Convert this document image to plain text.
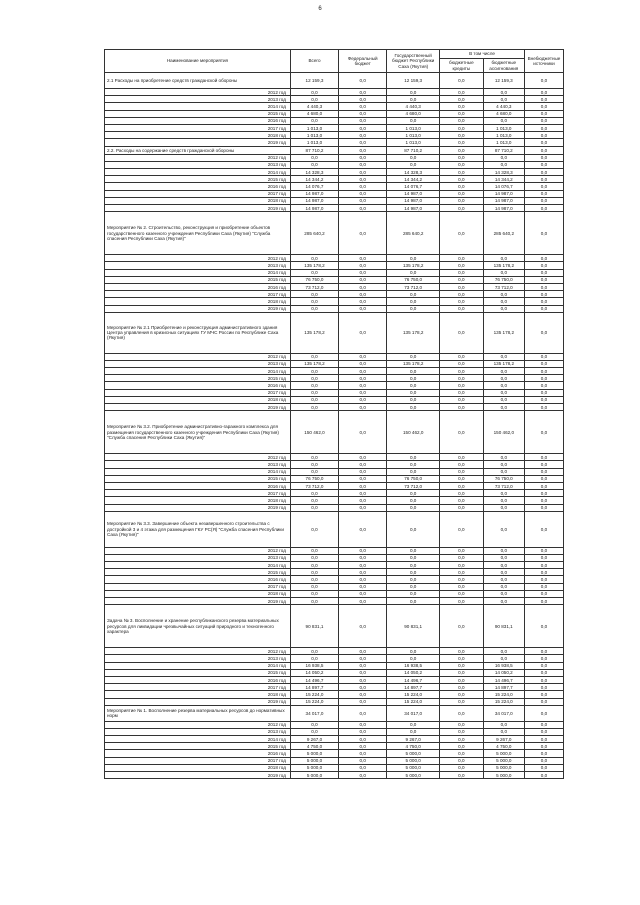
6
Наименование мероприятия	Всего	Федеральный бюджет	Государственный бюджет Республики Саха (Якутия)	В том числе		Внебюджетные источники
				бюджетные кредиты	бюджетные ассигнования	
2.1 Расходы на приобретение средств гражданской обороны	12 159,3	0,0	12 159,3	0,0	12 159,3	0,0
2012 год	0,0	0,0	0,0	0,0	0,0	0,0
2013 год	0,0	0,0	0,0	0,0	0,0	0,0
2014 год	4 440,3	0,0	4 440,3	0,0	4 440,3	0,0
2015 год	4 680,0	0,0	4 680,0	0,0	4 680,0	0,0
2016 год	0,0	0,0	0,0	0,0	0,0	0,0
2017 год	1 013,0	0,0	1 013,0	0,0	1 013,0	0,0
2018 год	1 013,0	0,0	1 013,0	0,0	1 013,0	0,0
2019 год	1 013,0	0,0	1 013,0	0,0	1 013,0	0,0
2.2. Расходы на содержание средств гражданской обороны	87 710,2	0,0	87 710,2	0,0	87 710,2	0,0
2012 год	0,0	0,0	0,0	0,0	0,0	0,0
2013 год	0,0	0,0	0,0	0,0	0,0	0,0
2014 год	14 328,3	0,0	14 328,3	0,0	14 328,3	0,0
2015 год	14 344,2	0,0	14 344,2	0,0	14 344,2	0,0
2016 год	14 076,7	0,0	14 076,7	0,0	14 076,7	0,0
2017 год	14 987,0	0,0	14 987,0	0,0	14 987,0	0,0
2018 год	14 987,0	0,0	14 987,0	0,0	14 987,0	0,0
2019 год	14 987,0	0,0	14 987,0	0,0	14 987,0	0,0
Мероприятие № 2. Строительство, реконструкция и приобретение объектов государственного казенного учреждения Республики Саха (Якутия) "Служба спасения Республики Саха (Якутия)"	285 640,2	0,0	285 640,2	0,0	285 640,2	0,0
2012 год	0,0	0,0	0,0	0,0	0,0	0,0
2013 год	135 178,2	0,0	135 178,2	0,0	135 178,2	0,0
2014 год	0,0	0,0	0,0	0,0	0,0	0,0
2015 год	76 750,0	0,0	76 750,0	0,0	76 750,0	0,0
2016 год	73 712,0	0,0	73 712,0	0,0	73 712,0	0,0
2017 год	0,0	0,0	0,0	0,0	0,0	0,0
2018 год	0,0	0,0	0,0	0,0	0,0	0,0
2019 год	0,0	0,0	0,0	0,0	0,0	0,0
Мероприятие № 2.1 Приобретение и реконструкция административного здания Центра управления в кризисных ситуациях ГУ МЧС России по Республике Саха (Якутия)	135 178,2	0,0	135 178,2	0,0	135 178,2	0,0
2012 год	0,0	0,0	0,0	0,0	0,0	0,0
2013 год	135 178,2	0,0	135 178,2	0,0	135 178,2	0,0
2014 год	0,0	0,0	0,0	0,0	0,0	0,0
2015 год	0,0	0,0	0,0	0,0	0,0	0,0
2016 год	0,0	0,0	0,0	0,0	0,0	0,0
2017 год	0,0	0,0	0,0	0,0	0,0	0,0
2018 год	0,0	0,0	0,0	0,0	0,0	0,0
2019 год	0,0	0,0	0,0	0,0	0,0	0,0
Мероприятие № 3.2. Приобретение административно-гаражного комплекса для размещения государственного казенного учреждения Республики Саха (Якутия) "Служба спасения Республики Саха (Якутия)"	150 462,0	0,0	150 462,0	0,0	150 462,0	0,0
2012 год	0,0	0,0	0,0	0,0	0,0	0,0
2013 год	0,0	0,0	0,0	0,0	0,0	0,0
2014 год	0,0	0,0	0,0	0,0	0,0	0,0
2015 год	76 750,0	0,0	76 750,0	0,0	76 750,0	0,0
2016 год	73 712,0	0,0	73 712,0	0,0	73 712,0	0,0
2017 год	0,0	0,0	0,0	0,0	0,0	0,0
2018 год	0,0	0,0	0,0	0,0	0,0	0,0
2019 год	0,0	0,0	0,0	0,0	0,0	0,0
Мероприятие № 3.3. Завершение объекта незавершенного строительства с достройкой 3 и 4 этажа для размещения ГКУ РС(Я) "Служба спасения Республики Саха (Якутия)"	0,0	0,0	0,0	0,0	0,0	0,0
2012 год	0,0	0,0	0,0	0,0	0,0	0,0
2013 год	0,0	0,0	0,0	0,0	0,0	0,0
2014 год	0,0	0,0	0,0	0,0	0,0	0,0
2015 год	0,0	0,0	0,0	0,0	0,0	0,0
2016 год	0,0	0,0	0,0	0,0	0,0	0,0
2017 год	0,0	0,0	0,0	0,0	0,0	0,0
2018 год	0,0	0,0	0,0	0,0	0,0	0,0
2019 год	0,0	0,0	0,0	0,0	0,0	0,0
Задача № 3. Восполнение и хранение республиканского резерва материальных ресурсов для ликвидации чрезвычайных ситуаций природного и техногенного характера	90 831,1	0,0	90 831,1	0,0	90 831,1	0,0
2012 год	0,0	0,0	0,0	0,0	0,0	0,0
2013 год	0,0	0,0	0,0	0,0	0,0	0,0
2014 год	16 938,5	0,0	16 938,5	0,0	16 938,5	0,0
2015 год	14 050,2	0,0	14 050,2	0,0	14 050,2	0,0
2016 год	14 496,7	0,0	14 496,7	0,0	14 496,7	0,0
2017 год	14 897,7	0,0	14 897,7	0,0	14 897,7	0,0
2018 год	15 224,0	0,0	15 224,0	0,0	15 224,0	0,0
2019 год	15 224,0	0,0	15 224,0	0,0	15 224,0	0,0
Мероприятие № 1. Восполнение резерва материальных ресурсов до нормативных норм	34 017,0	0,0	34 017,0	0,0	34 017,0	0,0
2012 год	0,0	0,0	0,0	0,0	0,0	0,0
2013 год	0,0	0,0	0,0	0,0	0,0	0,0
2014 год	9 267,0	0,0	9 267,0	0,0	9 267,0	0,0
2015 год	4 750,0	0,0	4 750,0	0,0	4 750,0	0,0
2016 год	5 000,0	0,0	5 000,0	0,0	5 000,0	0,0
2017 год	5 000,0	0,0	5 000,0	0,0	5 000,0	0,0
2018 год	5 000,0	0,0	5 000,0	0,0	5 000,0	0,0
2019 год	5 000,0	0,0	5 000,0	0,0	5 000,0	0,0
